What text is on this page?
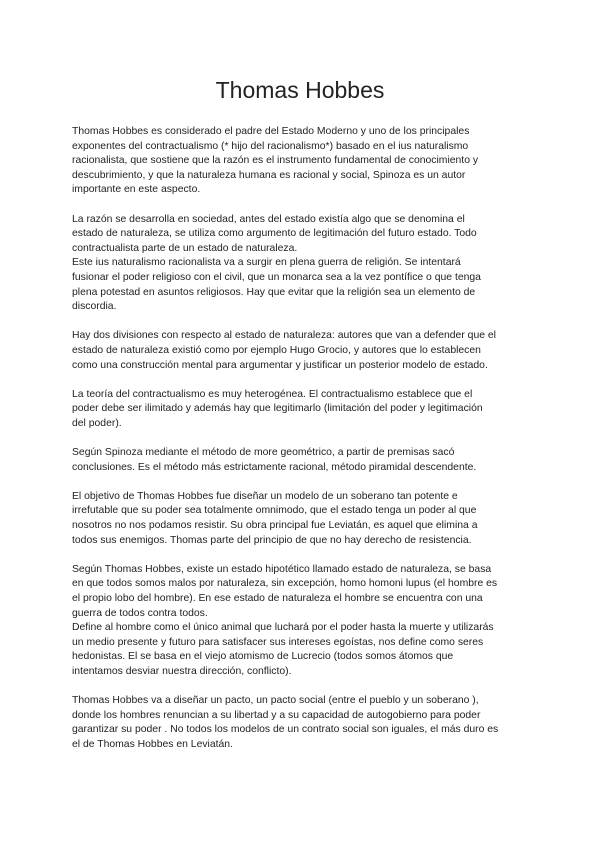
Thomas Hobbes

Thomas Hobbes es considerado el padre del Estado Moderno y uno de los principales
exponentes del contractualismo (* hijo del racionalismo*) basado en el ius naturalismo
racionalista, que sostiene que la razón es el instrumento fundamental de conocimiento y
descubrimiento, y que la naturaleza humana es racional y social, Spinoza es un autor
importante en este aspecto.

La razón se desarrolla en sociedad, antes del estado existía algo que se denomina el
estado de naturaleza, se utiliza como argumento de legitimación del futuro estado. Todo
contractualista parte de un estado de naturaleza.
Este ius naturalismo racionalista va a surgir en plena guerra de religión. Se intentará
fusionar el poder religioso con el civil, que un monarca sea a la vez pontífice o que tenga
plena potestad en asuntos religiosos. Hay que evitar que la religión sea un elemento de
discordia.

Hay dos divisiones con respecto al estado de naturaleza: autores que van a defender que el
estado de naturaleza existió como por ejemplo Hugo Grocio, y autores que lo establecen
como una construcción mental para argumentar y justificar un posterior modelo de estado.

La teoría del contractualismo es muy heterogénea. El contractualismo establece que el
poder debe ser ilimitado y además hay que legitimarlo (limitación del poder y legitimación
del poder).

Según Spinoza mediante el método de more geométrico, a partir de premisas sacó
conclusiones. Es el método más estrictamente racional, método piramidal descendente.

El objetivo de Thomas Hobbes fue diseñar un modelo de un soberano tan potente e
irrefutable que su poder sea totalmente omnimodo, que el estado tenga un poder al que
nosotros no nos podamos resistir. Su obra principal fue Leviatán, es aquel que elimina a
todos sus enemigos. Thomas parte del principio de que no hay derecho de resistencia.

Según Thomas Hobbes, existe un estado hipotético llamado estado de naturaleza, se basa
en que todos somos malos por naturaleza, sin excepción, homo homoni lupus (el hombre es
el propio lobo del hombre). En ese estado de naturaleza el hombre se encuentra con una
guerra de todos contra todos.
Define al hombre como el único animal que luchará por el poder hasta la muerte y utilizarás
un medio presente y futuro para satisfacer sus intereses egoístas, nos define como seres
hedonistas. El se basa en el viejo atomismo de Lucrecio (todos somos átomos que
intentamos desviar nuestra dirección, conflicto).

Thomas Hobbes va a diseñar un pacto, un pacto social (entre el pueblo y un soberano ),
donde los hombres renuncian a su libertad y a su capacidad de autogobierno para poder
garantizar su poder . No todos los modelos de un contrato social son iguales, el más duro es
el de Thomas Hobbes en Leviatán.
